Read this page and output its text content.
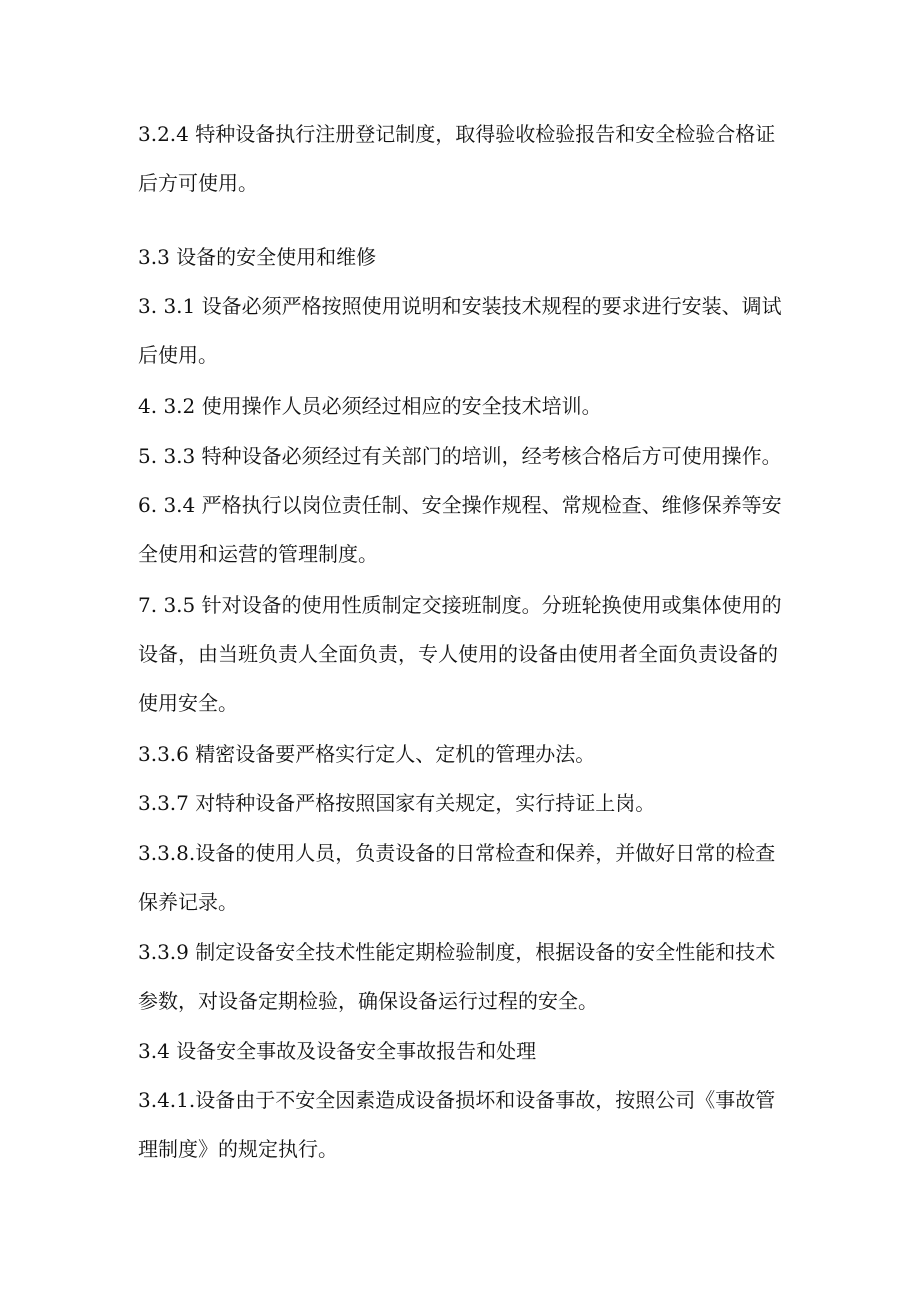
3.2.4 特种设备执行注册登记制度，取得验收检验报告和安全检验合格证

后方可使用。

3.3 设备的安全使用和维修

3. 3.1 设备必须严格按照使用说明和安装技术规程的要求进行安装、调试

后使用。

4. 3.2 使用操作人员必须经过相应的安全技术培训。

5. 3.3 特种设备必须经过有关部门的培训，经考核合格后方可使用操作。

6. 3.4 严格执行以岗位责任制、安全操作规程、常规检查、维修保养等安

全使用和运营的管理制度。

7. 3.5 针对设备的使用性质制定交接班制度。分班轮换使用或集体使用的

设备，由当班负责人全面负责，专人使用的设备由使用者全面负责设备的

使用安全。

3.3.6 精密设备要严格实行定人、定机的管理办法。

3.3.7 对特种设备严格按照国家有关规定，实行持证上岗。

3.3.8.设备的使用人员，负责设备的日常检查和保养，并做好日常的检查

保养记录。

3.3.9 制定设备安全技术性能定期检验制度，根据设备的安全性能和技术

参数，对设备定期检验，确保设备运行过程的安全。

3.4 设备安全事故及设备安全事故报告和处理

3.4.1.设备由于不安全因素造成设备损坏和设备事故，按照公司《事故管

理制度》的规定执行。
